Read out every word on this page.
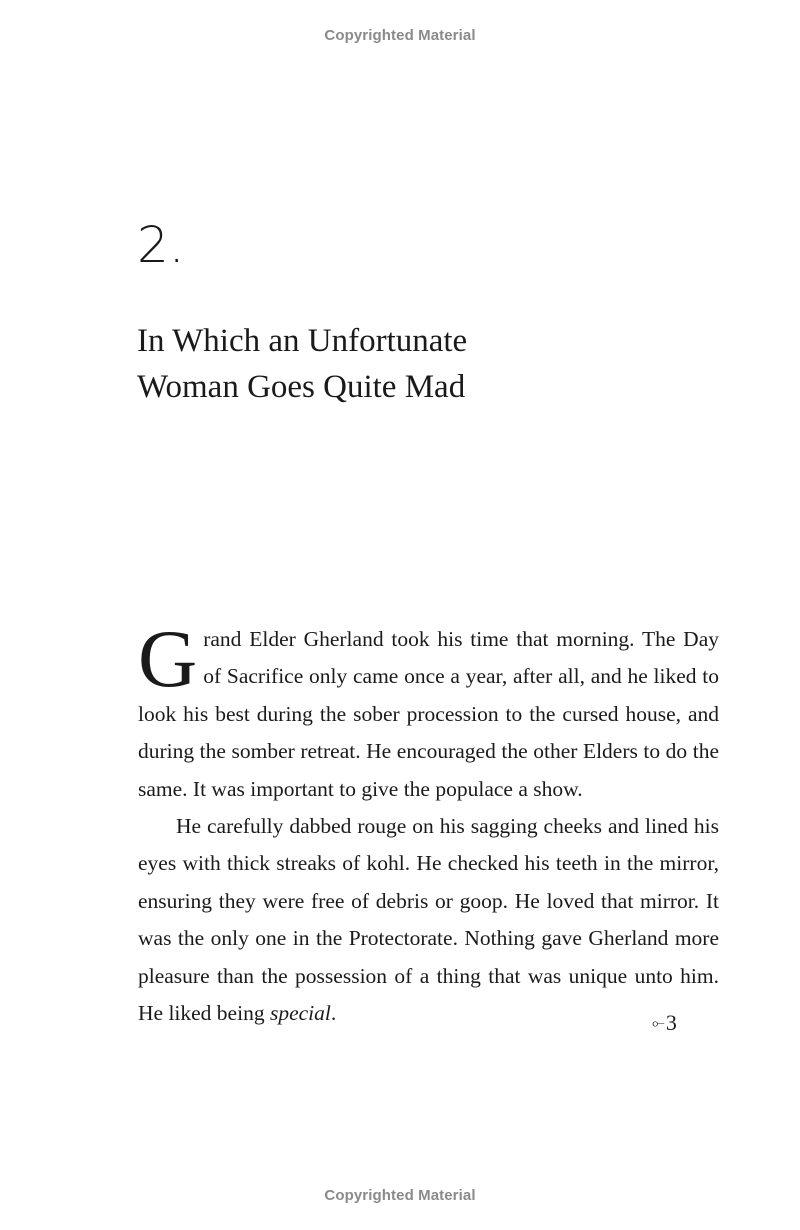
Copyrighted Material
2.
In Which an Unfortunate
Woman Goes Quite Mad

Grand Elder Gherland took his time that morning. The Day of Sacrifice only came once a year, after all, and he liked to look his best during the sober procession to the cursed house, and during the somber retreat. He encouraged the other Elders to do the same. It was important to give the populace a show.

He carefully dabbed rouge on his sagging cheeks and lined his eyes with thick streaks of kohl. He checked his teeth in the mirror, ensuring they were free of debris or goop. He loved that mirror. It was the only one in the Protectorate. Nothing gave Gherland more pleasure than the possession of a thing that was unique unto him. He liked being special.	⟜3
Copyrighted Material
